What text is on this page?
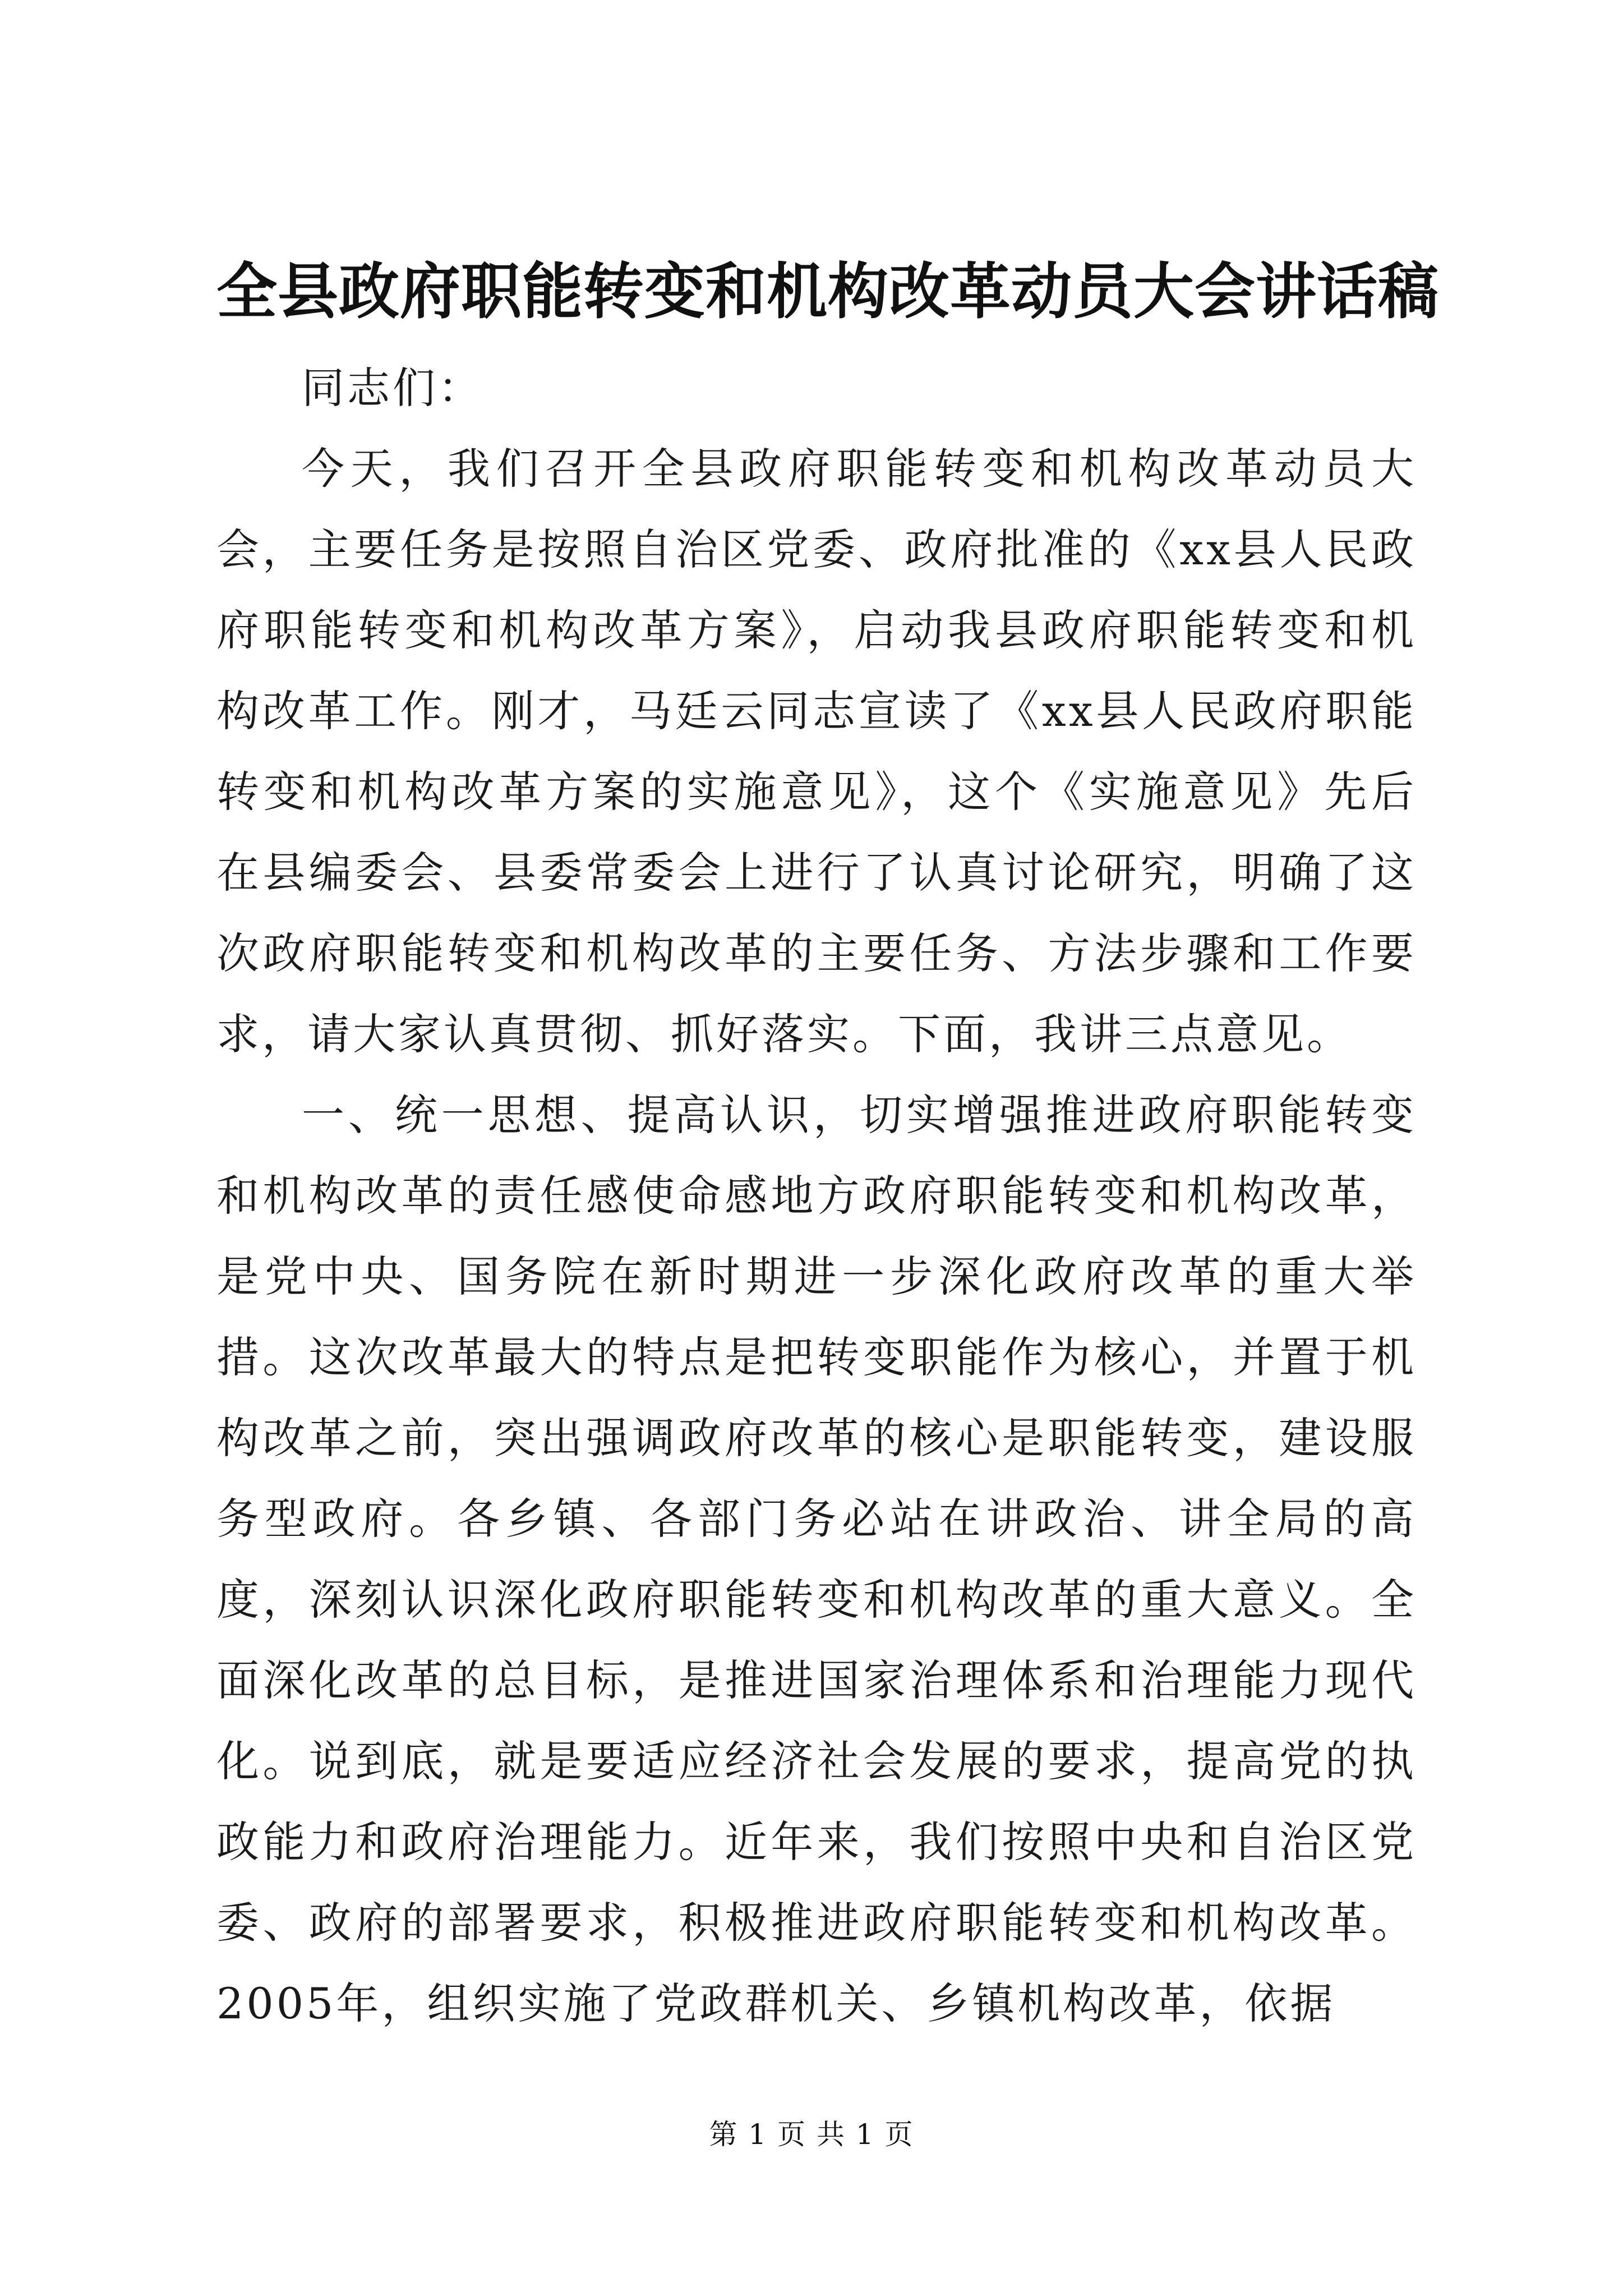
全县政府职能转变和机构改革动员大会讲话稿

同志们：

今天，我们召开全县政府职能转变和机构改革动员大会，主要任务是按照自治区党委、政府批准的《xx县人民政府职能转变和机构改革方案》，启动我县政府职能转变和机构改革工作。刚才，马廷云同志宣读了《xx县人民政府职能转变和机构改革方案的实施意见》，这个《实施意见》先后在县编委会、县委常委会上进行了认真讨论研究，明确了这次政府职能转变和机构改革的主要任务、方法步骤和工作要求，请大家认真贯彻、抓好落实。下面，我讲三点意见。

一、统一思想、提高认识，切实增强推进政府职能转变和机构改革的责任感使命感地方政府职能转变和机构改革，是党中央、国务院在新时期进一步深化政府改革的重大举措。这次改革最大的特点是把转变职能作为核心，并置于机构改革之前，突出强调政府改革的核心是职能转变，建设服务型政府。各乡镇、各部门务必站在讲政治、讲全局的高度，深刻认识深化政府职能转变和机构改革的重大意义。全面深化改革的总目标，是推进国家治理体系和治理能力现代化。说到底，就是要适应经济社会发展的要求，提高党的执政能力和政府治理能力。近年来，我们按照中央和自治区党委、政府的部署要求，积极推进政府职能转变和机构改革。2005年，组织实施了党政群机关、乡镇机构改革，依据

第 1 页 共 1 页
